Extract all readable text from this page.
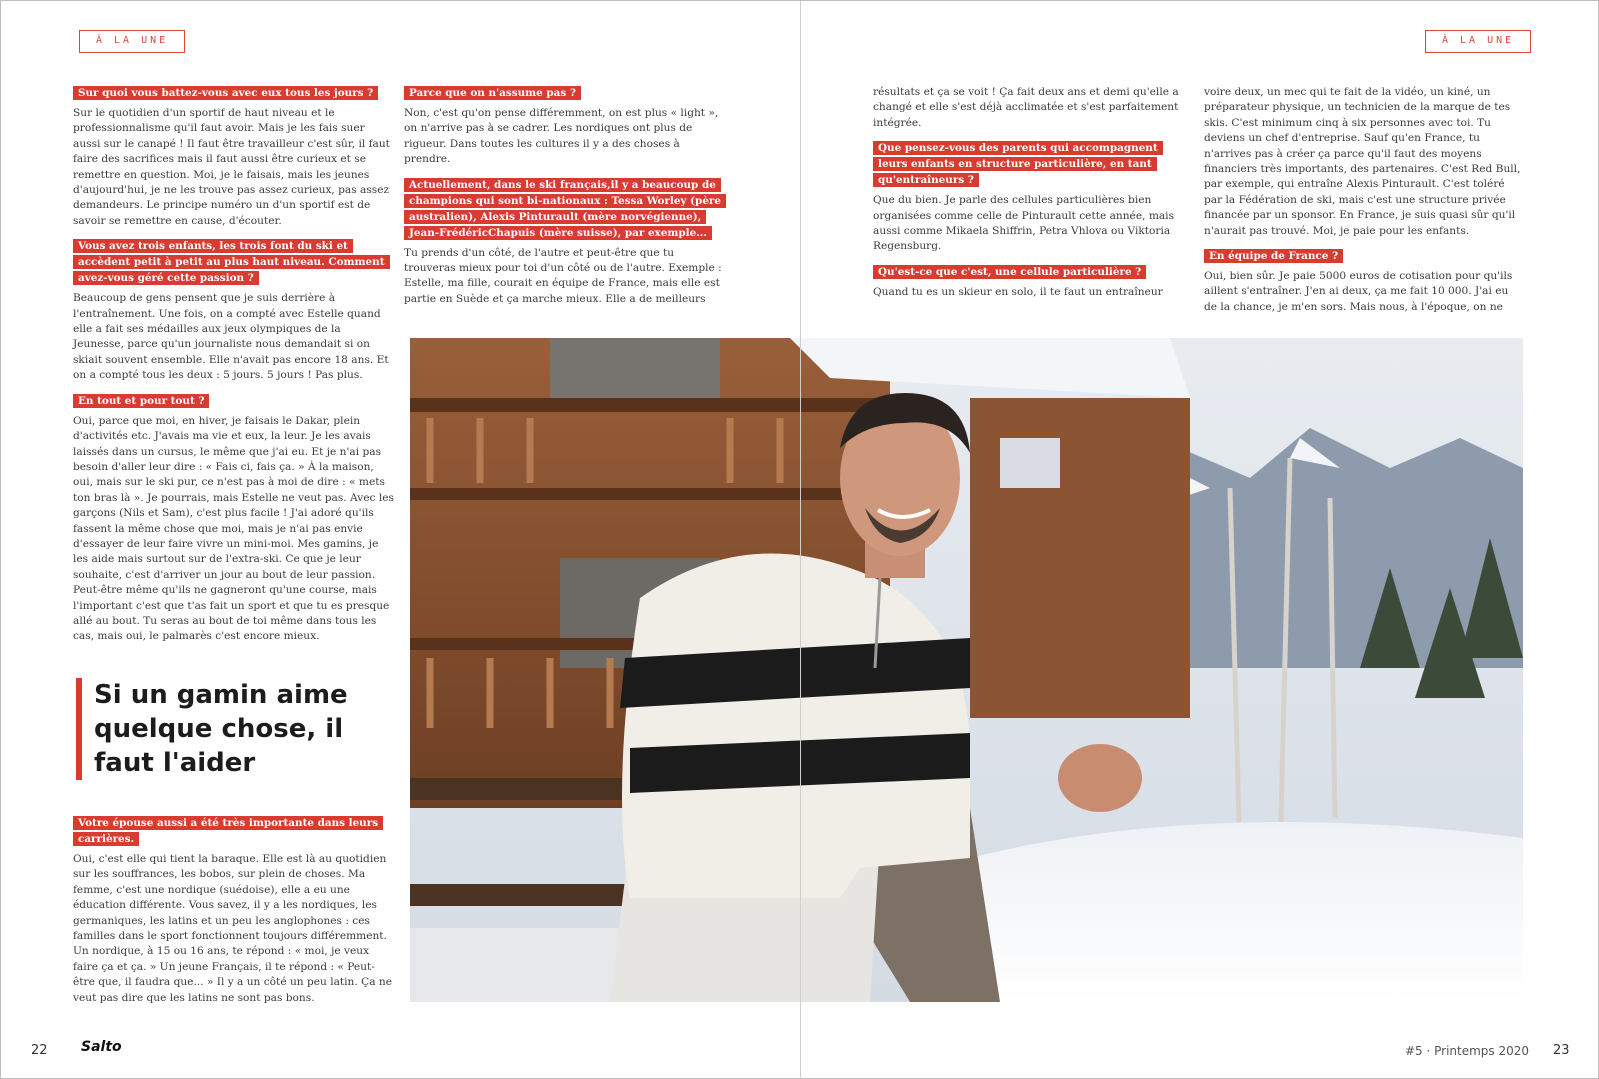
À LA UNE	À LA UNE
Sur quoi vous battez-vous avec eux tous les jours ?

Sur le quotidien d'un sportif de haut niveau et le professionnalisme qu'il faut avoir. Mais je les fais suer aussi sur le canapé ! Il faut être travailleur c'est sûr, il faut faire des sacrifices mais il faut aussi être curieux et se remettre en question. Moi, je le faisais, mais les jeunes d'aujourd'hui, je ne les trouve pas assez curieux, pas assez demandeurs. Le principe numéro un d'un sportif est de savoir se remettre en cause, d'écouter.

Vous avez trois enfants, les trois font du ski et accèdent petit à petit au plus haut niveau. Comment avez-vous géré cette passion ?

Beaucoup de gens pensent que je suis derrière à l'entraînement. Une fois, on a compté avec Estelle quand elle a fait ses médailles aux jeux olympiques de la Jeunesse, parce qu'un journaliste nous demandait si on skiait souvent ensemble. Elle n'avait pas encore 18 ans. Et on a compté tous les deux : 5 jours. 5 jours ! Pas plus.

En tout et pour tout ?

Oui, parce que moi, en hiver, je faisais le Dakar, plein d'activités etc. J'avais ma vie et eux, la leur. Je les avais laissés dans un cursus, le même que j'ai eu. Et je n'ai pas besoin d'aller leur dire : « Fais ci, fais ça. » À la maison, oui, mais sur le ski pur, ce n'est pas à moi de dire : « mets ton bras là ». Je pourrais, mais Estelle ne veut pas. Avec les garçons (Nils et Sam), c'est plus facile ! J'ai adoré qu'ils fassent la même chose que moi, mais je n'ai pas envie d'essayer de leur faire vivre un mini-moi. Mes gamins, je les aide mais surtout sur de l'extra-ski. Ce que je leur souhaite, c'est d'arriver un jour au bout de leur passion. Peut-être même qu'ils ne gagneront qu'une course, mais l'important c'est que t'as fait un sport et que tu es presque allé au bout. Tu seras au bout de toi même dans tous les cas, mais oui, le palmarès c'est encore mieux.

Si un gamin aime quelque chose, il faut l'aider
Votre épouse aussi a été très importante dans leurs carrières.

Oui, c'est elle qui tient la baraque. Elle est là au quotidien sur les souffrances, les bobos, sur plein de choses. Ma femme, c'est une nordique (suédoise), elle a eu une éducation différente. Vous savez, il y a les nordiques, les germaniques, les latins et un peu les anglophones : ces familles dans le sport fonctionnent toujours différemment. Un nordique, à 15 ou 16 ans, te répond : « moi, je veux faire ça et ça. » Un jeune Français, il te répond : « Peut-être que, il faudra que... » Il y a un côté un peu latin. Ça ne veut pas dire que les latins ne sont pas bons.

Parce que on n'assume pas ?

Non, c'est qu'on pense différemment, on est plus « light », on n'arrive pas à se cadrer. Les nordiques ont plus de rigueur. Dans toutes les cultures il y a des choses à prendre.

Actuellement, dans le ski français,il y a beaucoup de champions qui sont bi-nationaux : Tessa Worley (père australien), Alexis Pinturault (mère norvégienne), Jean-FrédéricChapuis (mère suisse), par exemple...

Tu prends d'un côté, de l'autre et peut-être que tu trouveras mieux pour toi d'un côté ou de l'autre. Exemple : Estelle, ma fille, courait en équipe de France, mais elle est partie en Suède et ça marche mieux. Elle a de meilleurs

résultats et ça se voit ! Ça fait deux ans et demi qu'elle a changé et elle s'est déjà acclimatée et s'est parfaitement intégrée.

Que pensez-vous des parents qui accompagnent leurs enfants en structure particulière, en tant qu'entraîneurs ?

Que du bien. Je parle des cellules particulières bien organisées comme celle de Pinturault cette année, mais aussi comme Mikaela Shiffrin, Petra Vhlova ou Viktoria Regensburg.

Qu'est-ce que c'est, une cellule particulière ?

Quand tu es un skieur en solo, il te faut un entraîneur

voire deux, un mec qui te fait de la vidéo, un kiné, un préparateur physique, un technicien de la marque de tes skis. C'est minimum cinq à six personnes avec toi. Tu deviens un chef d'entreprise. Sauf qu'en France, tu n'arrives pas à créer ça parce qu'il faut des moyens financiers très importants, des partenaires. C'est Red Bull, par exemple, qui entraîne Alexis Pinturault. C'est toléré par la Fédération de ski, mais c'est une structure privée financée par un sponsor. En France, je suis quasi sûr qu'il n'aurait pas trouvé. Moi, je paie pour les enfants.

En équipe de France ?

Oui, bien sûr. Je paie 5000 euros de cotisation pour qu'ils aillent s'entraîner. J'en ai deux, ça me fait 10 000. J'ai eu de la chance, je m'en sors. Mais nous, à l'époque, on ne

22 Salto	#5 · Printemps 2020 23
